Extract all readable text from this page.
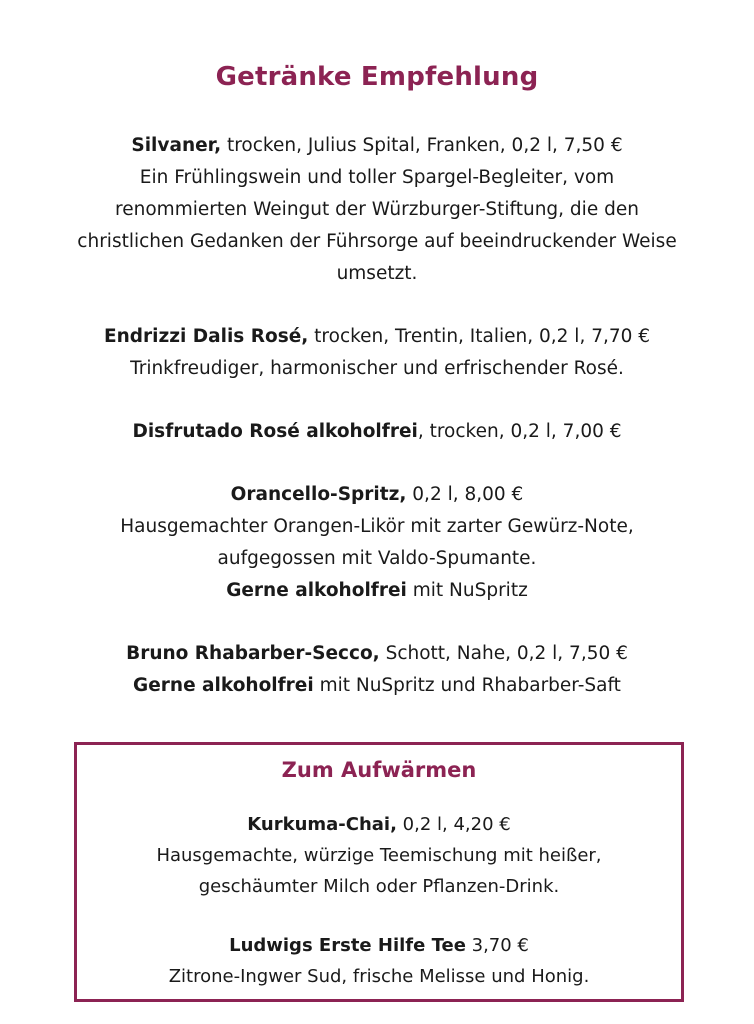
Getränke Empfehlung
Silvaner, trocken, Julius Spital, Franken, 0,2 l, 7,50 €
Ein Frühlingswein und toller Spargel-Begleiter, vom renommierten Weingut der Würzburger-Stiftung, die den christlichen Gedanken der Führsorge auf beeindruckender Weise umsetzt.
Endrizzi Dalis Rosé, trocken, Trentin, Italien, 0,2 l, 7,70 €
Trinkfreudiger, harmonischer und erfrischender Rosé.
Disfrutado Rosé alkoholfrei, trocken, 0,2 l, 7,00 €
Orancello-Spritz, 0,2 l, 8,00 €
Hausgemachter Orangen-Likör mit zarter Gewürz-Note,
aufgegossen mit Valdo-Spumante.
Gerne alkoholfrei mit NuSpritz
Bruno Rhabarber-Secco, Schott, Nahe, 0,2 l, 7,50 €
Gerne alkoholfrei mit NuSpritz und Rhabarber-Saft
Zum Aufwärmen
Kurkuma-Chai, 0,2 l, 4,20 €
Hausgemachte, würzige Teemischung mit heißer,
geschäumter Milch oder Pflanzen-Drink.
Ludwigs Erste Hilfe Tee 3,70 €
Zitrone-Ingwer Sud, frische Melisse und Honig.
